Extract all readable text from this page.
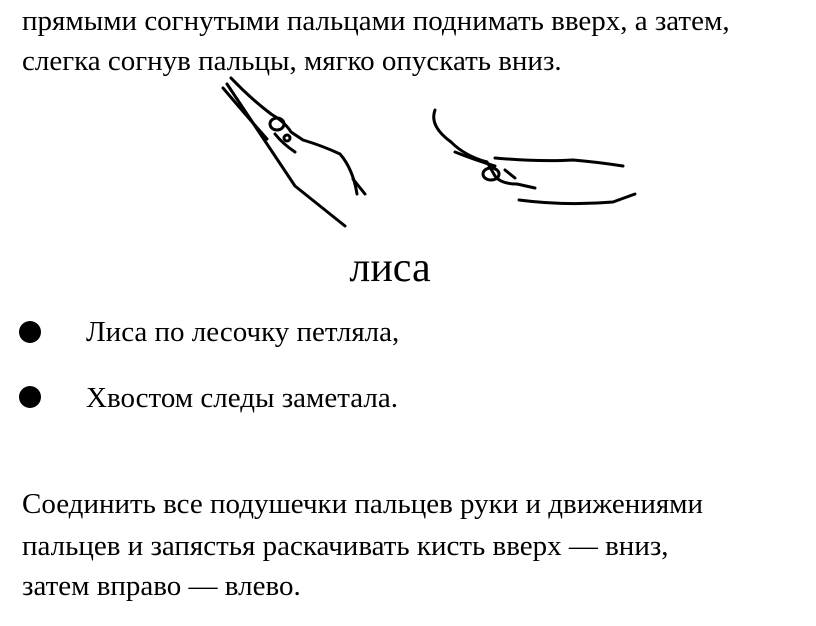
прямыми согнутыми пальцами поднимать вверх, а затем,

слегка согнув пальцы, мягко опускать вниз.

лиса
Лиса по лесочку петляла,
Хвостом следы заметала.

Соединить все подушечки пальцев руки и движениями

пальцев и запястья раскачивать кисть вверх — вниз,

затем вправо — влево.
